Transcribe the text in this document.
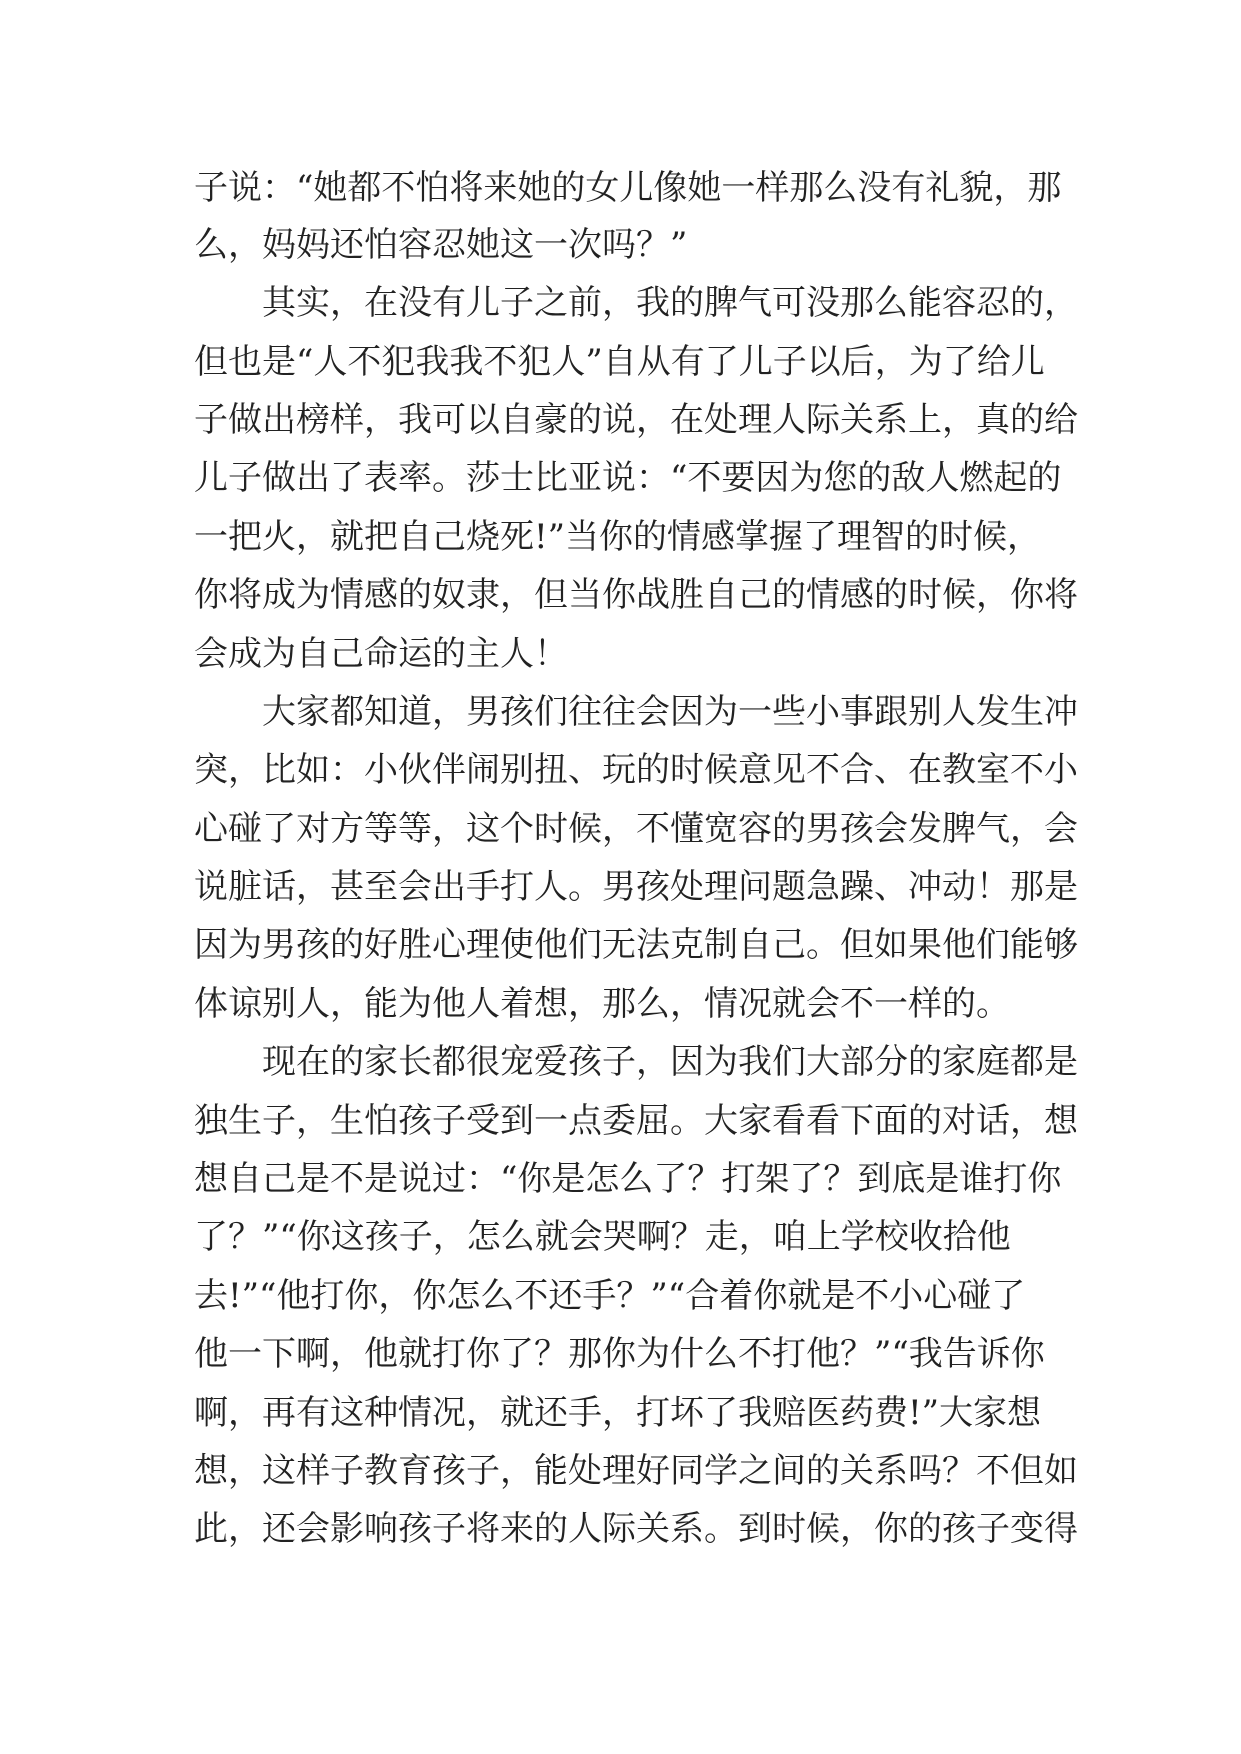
子说：“她都不怕将来她的女儿像她一样那么没有礼貌，那
么，妈妈还怕容忍她这一次吗？”
　　其实，在没有儿子之前，我的脾气可没那么能容忍的，
但也是“人不犯我我不犯人”自从有了儿子以后，为了给儿
子做出榜样，我可以自豪的说，在处理人际关系上，真的给
儿子做出了表率。莎士比亚说：“不要因为您的敌人燃起的
一把火，就把自己烧死!”当你的情感掌握了理智的时候，
你将成为情感的奴隶，但当你战胜自己的情感的时候，你将
会成为自己命运的主人！
　　大家都知道，男孩们往往会因为一些小事跟别人发生冲
突，比如：小伙伴闹别扭、玩的时候意见不合、在教室不小
心碰了对方等等，这个时候，不懂宽容的男孩会发脾气，会
说脏话，甚至会出手打人。男孩处理问题急躁、冲动！那是
因为男孩的好胜心理使他们无法克制自己。但如果他们能够
体谅别人，能为他人着想，那么，情况就会不一样的。
　　现在的家长都很宠爱孩子，因为我们大部分的家庭都是
独生子，生怕孩子受到一点委屈。大家看看下面的对话，想
想自己是不是说过：“你是怎么了？打架了？到底是谁打你
了？”“你这孩子，怎么就会哭啊？走，咱上学校收拾他
去!”“他打你，你怎么不还手？”“合着你就是不小心碰了
他一下啊，他就打你了？那你为什么不打他？”“我告诉你
啊，再有这种情况，就还手，打坏了我赔医药费!”大家想
想，这样子教育孩子，能处理好同学之间的关系吗？不但如
此，还会影响孩子将来的人际关系。到时候，你的孩子变得
